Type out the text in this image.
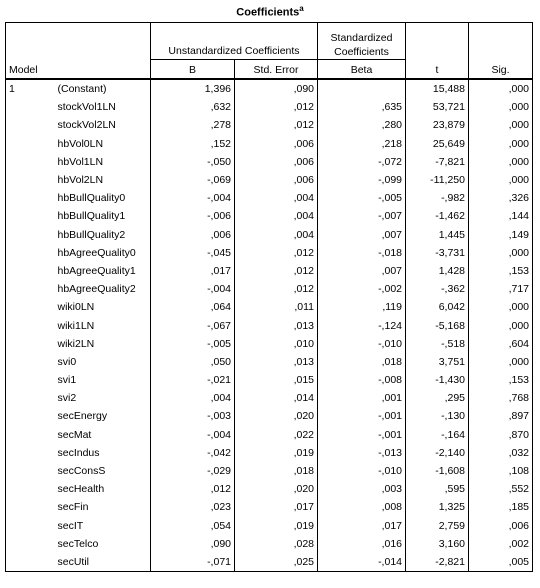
Coefficients$^a$
		Unstandardized Coefficients		Standardized
Coefficients		
Model		B	Std. Error	Beta	t	Sig.
1	(Constant)	1,396	,090		15,488	,000
	stockVol1LN	,632	,012	,635	53,721	,000
	stockVol2LN	,278	,012	,280	23,879	,000
	hbVol0LN	,152	,006	,218	25,649	,000
	hbVol1LN	-,050	,006	-,072	-7,821	,000
	hbVol2LN	-,069	,006	-,099	-11,250	,000
	hbBullQuality0	-,004	,004	-,005	-,982	,326
	hbBullQuality1	-,006	,004	-,007	-1,462	,144
	hbBullQuality2	,006	,004	,007	1,445	,149
	hbAgreeQuality0	-,045	,012	-,018	-3,731	,000
	hbAgreeQuality1	,017	,012	,007	1,428	,153
	hbAgreeQuality2	-,004	,012	-,002	-,362	,717
	wiki0LN	,064	,011	,119	6,042	,000
	wiki1LN	-,067	,013	-,124	-5,168	,000
	wiki2LN	-,005	,010	-,010	-,518	,604
	svi0	,050	,013	,018	3,751	,000
	svi1	-,021	,015	-,008	-1,430	,153
	svi2	,004	,014	,001	,295	,768
	secEnergy	-,003	,020	-,001	-,130	,897
	secMat	-,004	,022	-,001	-,164	,870
	secIndus	-,042	,019	-,013	-2,140	,032
	secConsS	-,029	,018	-,010	-1,608	,108
	secHealth	,012	,020	,003	,595	,552
	secFin	,023	,017	,008	1,325	,185
	secIT	,054	,019	,017	2,759	,006
	secTelco	,090	,028	,016	3,160	,002
	secUtil	-,071	,025	-,014	-2,821	,005
